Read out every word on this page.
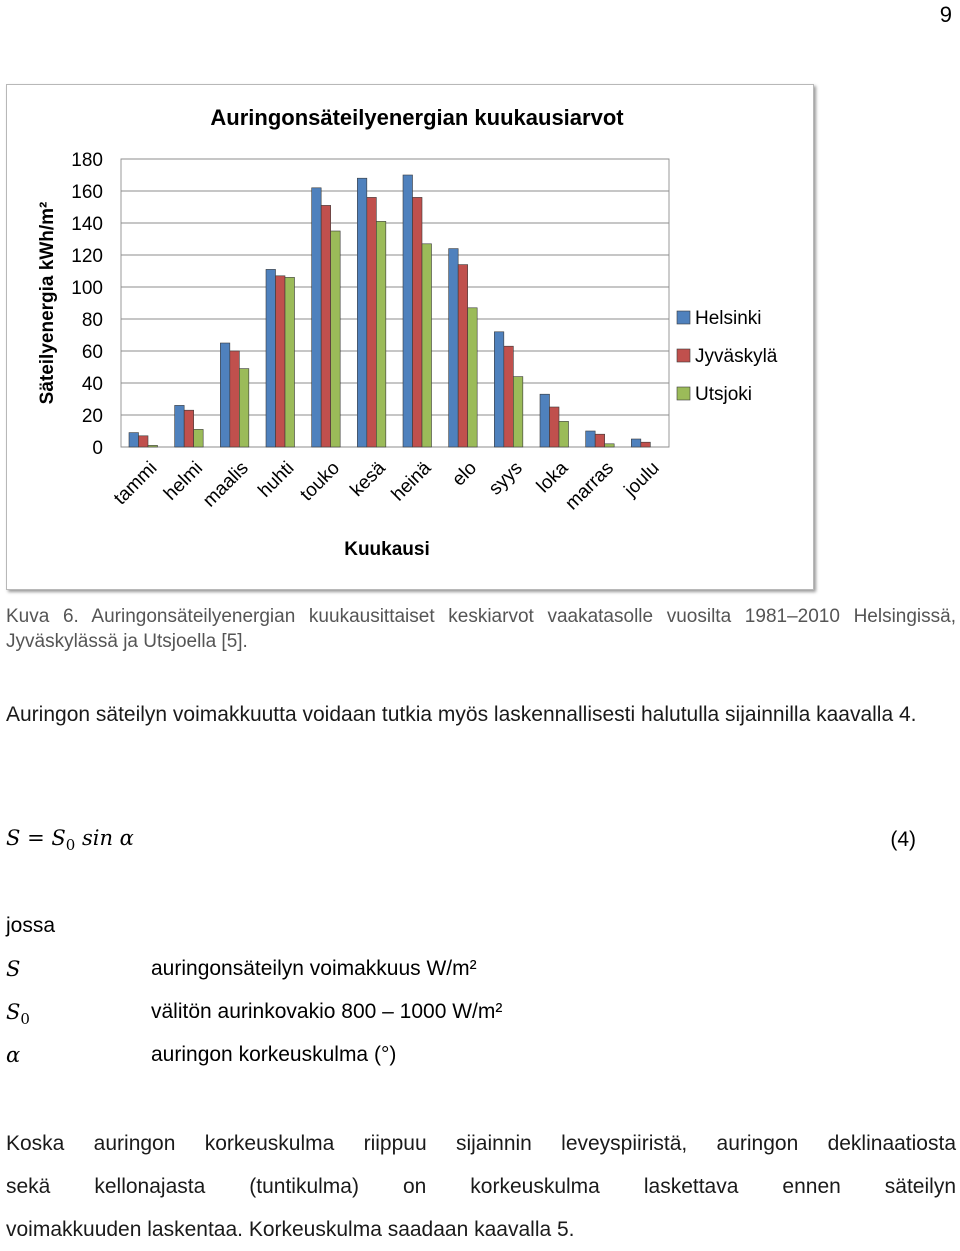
9
0
20
40
60
80
100
120
140
160
180
Auringonsäteilyenergian kuukausiarvot
Säteilyenergia kWh/m²
tammi
helmi
maalis huhti
touko kesä
heinä elo syys loka
marras joulu
Kuukausi
Helsinki
Jyväskylä
Utsjoki
Kuva 6. Auringonsäteilyenergian kuukausittaiset keskiarvot vaakatasolle vuosilta 1981–2010 Helsingissä, Jyväskylässä ja Utsjoella [5].
Auringon säteilyn voimakkuutta voidaan tutkia myös laskennallisesti halutulla sijainnilla kaavalla 4.
$S = S_0$ sin α	(4)
jossa
S	auringonsäteilyn voimakkuus W/m²
$S_0$	välitön aurinkovakio 800 – 1000 W/m²
α	auringon korkeuskulma (°)
Koska auringon korkeuskulma riippuu sijainnin leveyspiiristä, auringon deklinaatiosta
sekä kellonajasta (tuntikulma) on korkeuskulma laskettava ennen säteilyn
voimakkuuden laskentaa. Korkeuskulma saadaan kaavalla 5.
